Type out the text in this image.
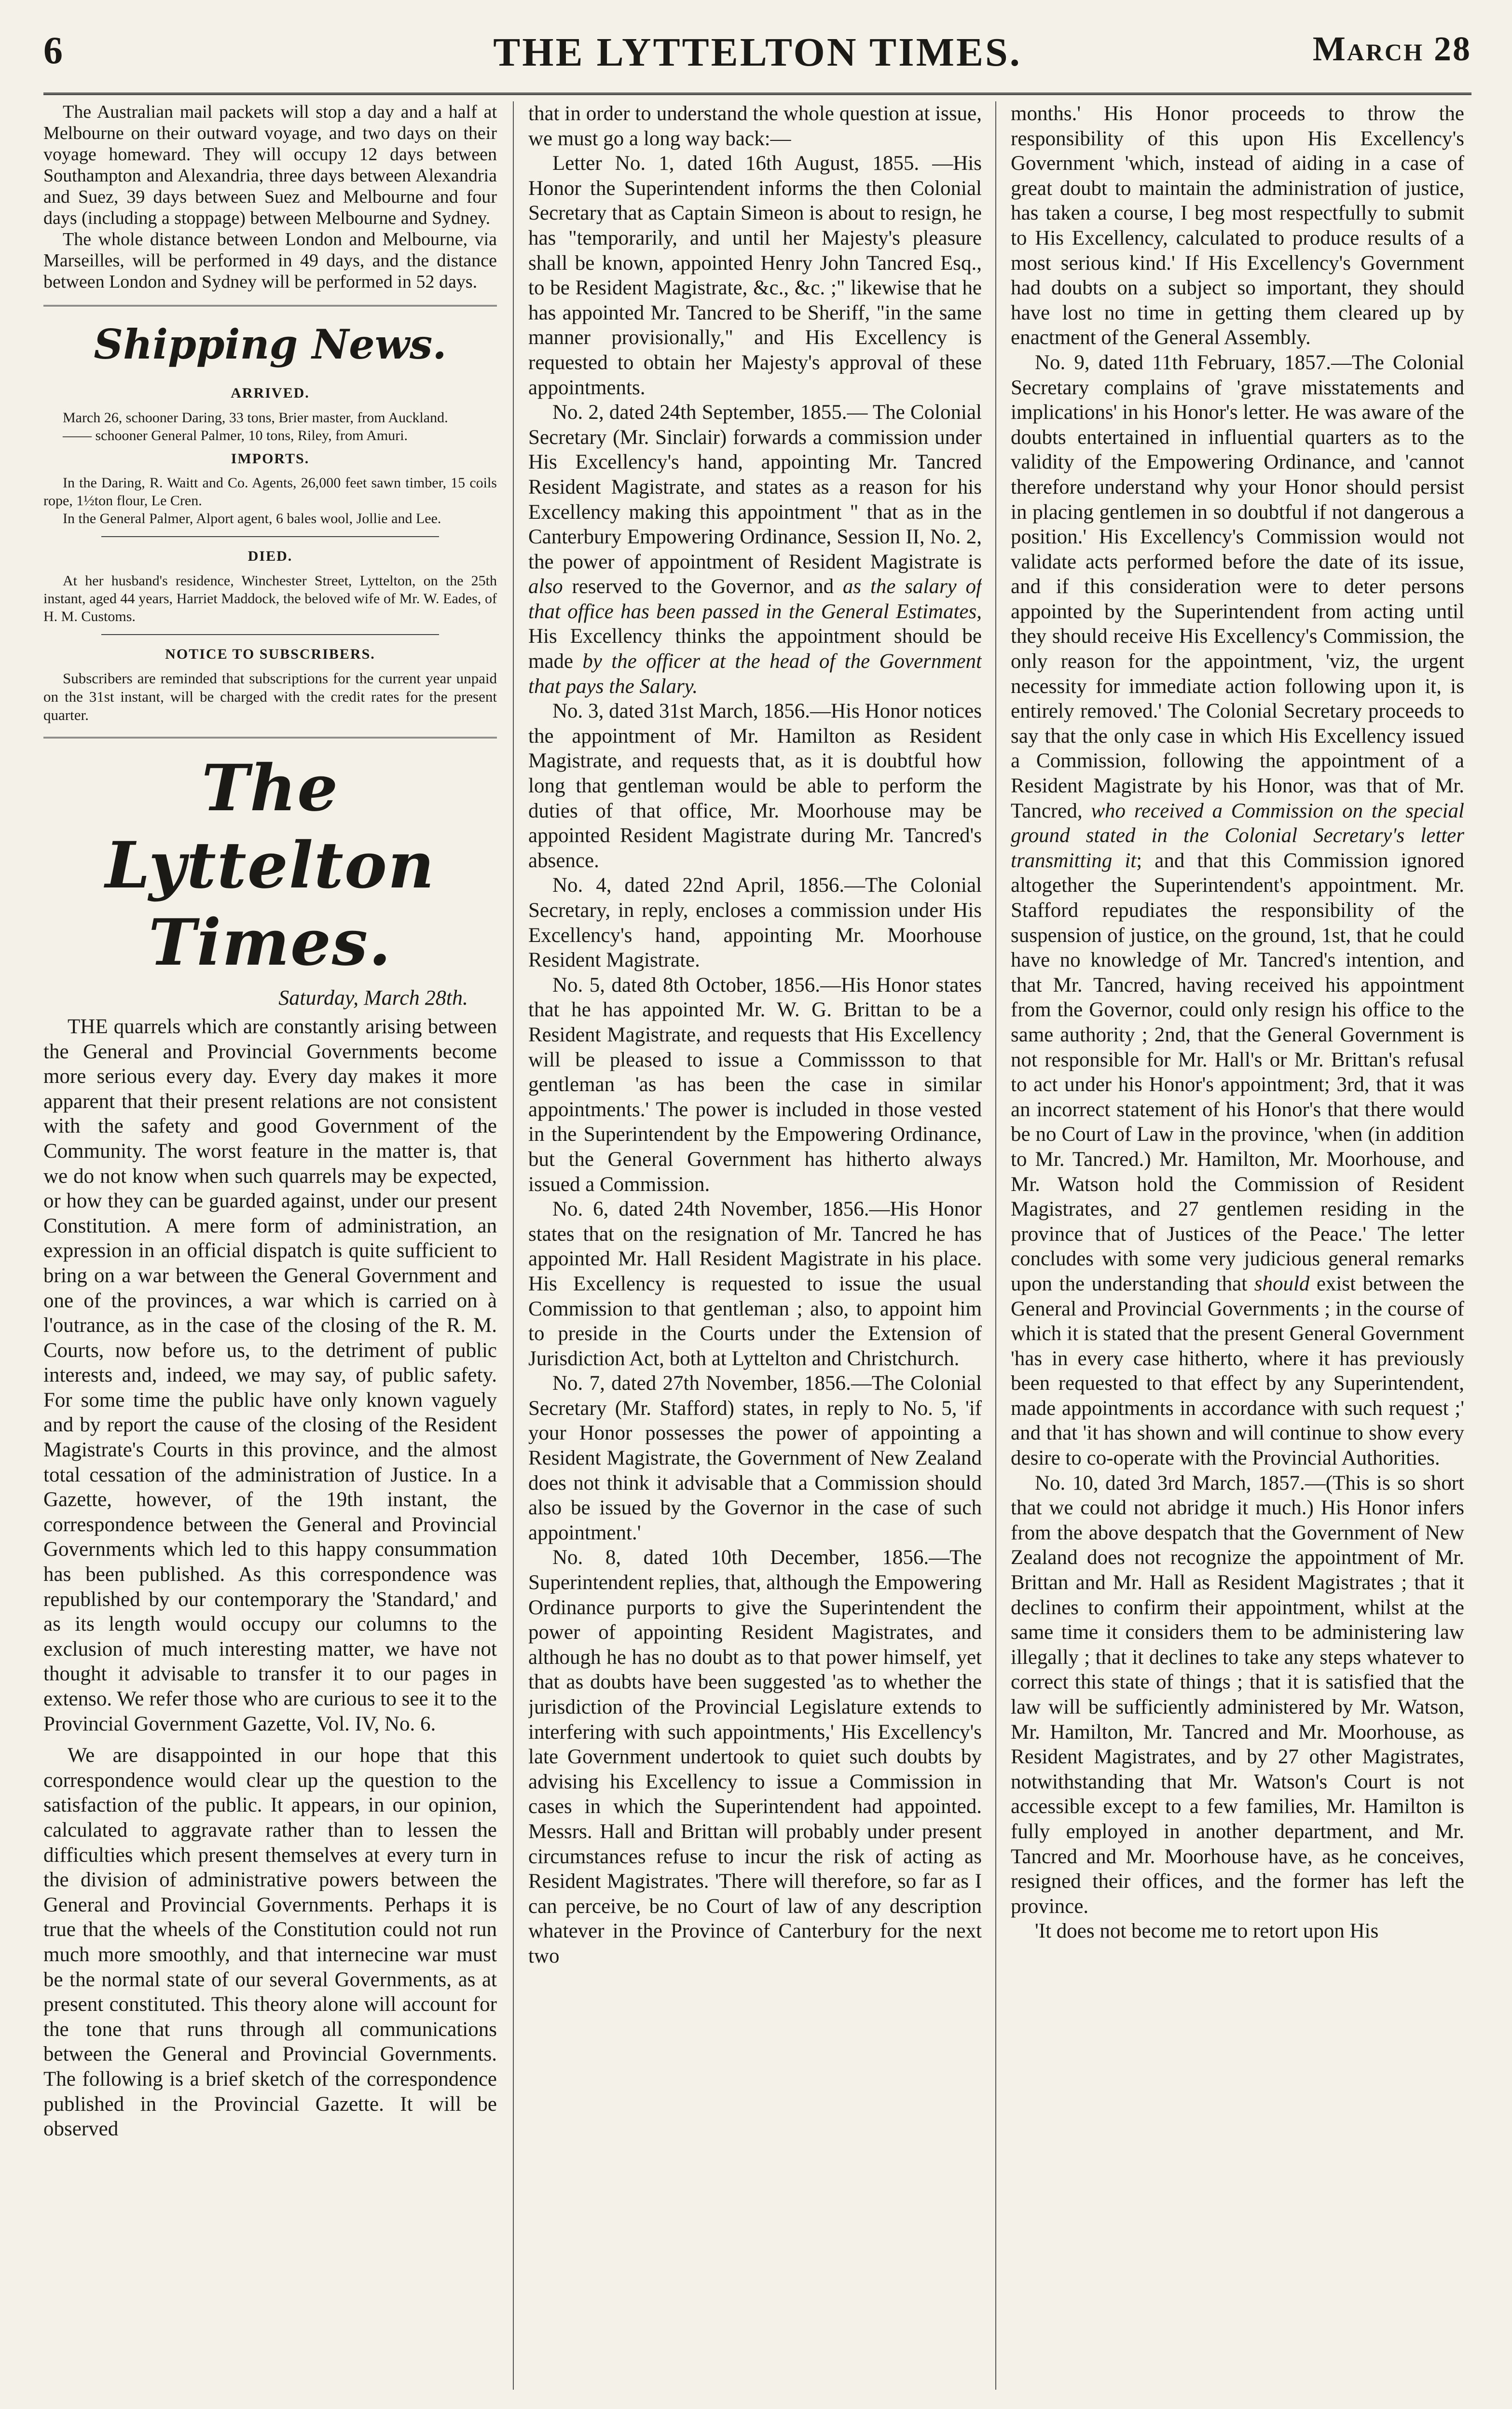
6	THE LYTTELTON TIMES.	March 28

The Australian mail packets will stop a day and a half at Melbourne on their outward voyage, and two days on their voyage homeward. They will occupy 12 days between Southampton and Alexandria, three days between Alexandria and Suez, 39 days between Suez and Melbourne and four days (including a stoppage) between Melbourne and Sydney.

The whole distance between London and Melbourne, via Marseilles, will be performed in 49 days, and the distance between London and Sydney will be performed in 52 days.

Shipping News.
ARRIVED.

March 26, schooner Daring, 33 tons, Brier master, from Auckland.

—— schooner General Palmer, 10 tons, Riley, from Amuri.

IMPORTS.

In the Daring, R. Waitt and Co. Agents, 26,000 feet sawn timber, 15 coils rope, 1½ton flour, Le Cren.

In the General Palmer, Alport agent, 6 bales wool, Jollie and Lee.

DIED.

At her husband's residence, Winchester Street, Lyttelton, on the 25th instant, aged 44 years, Harriet Maddock, the beloved wife of Mr. W. Eades, of H. M. Customs.

NOTICE TO SUBSCRIBERS.

Subscribers are reminded that subscriptions for the current year unpaid on the 31st instant, will be charged with the credit rates for the present quarter.

The Lyttelton Times.
Saturday, March 28th.

THE quarrels which are constantly arising between the General and Provincial Governments become more serious every day. Every day makes it more apparent that their present relations are not consistent with the safety and good Government of the Community. The worst feature in the matter is, that we do not know when such quarrels may be expected, or how they can be guarded against, under our present Constitution. A mere form of administration, an expression in an official dispatch is quite sufficient to bring on a war between the General Government and one of the provinces, a war which is carried on à l'outrance, as in the case of the closing of the R. M. Courts, now before us, to the detriment of public interests and, indeed, we may say, of public safety. For some time the public have only known vaguely and by report the cause of the closing of the Resident Magistrate's Courts in this province, and the almost total cessation of the administration of Justice. In a Gazette, however, of the 19th instant, the correspondence between the General and Provincial Governments which led to this happy consummation has been published. As this correspondence was republished by our contemporary the 'Standard,' and as its length would occupy our columns to the exclusion of much interesting matter, we have not thought it advisable to transfer it to our pages in extenso. We refer those who are curious to see it to the Provincial Government Gazette, Vol. IV, No. 6.

We are disappointed in our hope that this correspondence would clear up the question to the satisfaction of the public. It appears, in our opinion, calculated to aggravate rather than to lessen the difficulties which present themselves at every turn in the division of administrative powers between the General and Provincial Governments. Perhaps it is true that the wheels of the Constitution could not run much more smoothly, and that internecine war must be the normal state of our several Governments, as at present constituted. This theory alone will account for the tone that runs through all communications between the General and Provincial Governments. The following is a brief sketch of the correspondence published in the Provincial Gazette. It will be observed

that in order to understand the whole question at issue, we must go a long way back:—

Letter No. 1, dated 16th August, 1855. —His Honor the Superintendent informs the then Colonial Secretary that as Captain Simeon is about to resign, he has "temporarily, and until her Majesty's pleasure shall be known, appointed Henry John Tancred Esq., to be Resident Magistrate, &c., &c. ;" likewise that he has appointed Mr. Tancred to be Sheriff, "in the same manner provisionally," and His Excellency is requested to obtain her Majesty's approval of these appointments.

No. 2, dated 24th September, 1855.— The Colonial Secretary (Mr. Sinclair) forwards a commission under His Excellency's hand, appointing Mr. Tancred Resident Magistrate, and states as a reason for his Excellency making this appointment " that as in the Canterbury Empowering Ordinance, Session II, No. 2, the power of appointment of Resident Magistrate is also reserved to the Governor, and as the salary of that office has been passed in the General Estimates, His Excellency thinks the appointment should be made by the officer at the head of the Government that pays the Salary.

No. 3, dated 31st March, 1856.—His Honor notices the appointment of Mr. Hamilton as Resident Magistrate, and requests that, as it is doubtful how long that gentleman would be able to perform the duties of that office, Mr. Moorhouse may be appointed Resident Magistrate during Mr. Tancred's absence.

No. 4, dated 22nd April, 1856.—The Colonial Secretary, in reply, encloses a commission under His Excellency's hand, appointing Mr. Moorhouse Resident Magistrate.

No. 5, dated 8th October, 1856.—His Honor states that he has appointed Mr. W. G. Brittan to be a Resident Magistrate, and requests that His Excellency will be pleased to issue a Commissson to that gentleman 'as has been the case in similar appointments.' The power is included in those vested in the Superintendent by the Empowering Ordinance, but the General Government has hitherto always issued a Commission.

No. 6, dated 24th November, 1856.—His Honor states that on the resignation of Mr. Tancred he has appointed Mr. Hall Resident Magistrate in his place. His Excellency is requested to issue the usual Commission to that gentleman ; also, to appoint him to preside in the Courts under the Extension of Jurisdiction Act, both at Lyttelton and Christchurch.

No. 7, dated 27th November, 1856.—The Colonial Secretary (Mr. Stafford) states, in reply to No. 5, 'if your Honor possesses the power of appointing a Resident Magistrate, the Government of New Zealand does not think it advisable that a Commission should also be issued by the Governor in the case of such appointment.'

No. 8, dated 10th December, 1856.—The Superintendent replies, that, although the Empowering Ordinance purports to give the Superintendent the power of appointing Resident Magistrates, and although he has no doubt as to that power himself, yet that as doubts have been suggested 'as to whether the jurisdiction of the Provincial Legislature extends to interfering with such appointments,' His Excellency's late Government undertook to quiet such doubts by advising his Excellency to issue a Commission in cases in which the Superintendent had appointed. Messrs. Hall and Brittan will probably under present circumstances refuse to incur the risk of acting as Resident Magistrates. 'There will therefore, so far as I can perceive, be no Court of law of any description whatever in the Province of Canterbury for the next two

months.' His Honor proceeds to throw the responsibility of this upon His Excellency's Government 'which, instead of aiding in a case of great doubt to maintain the administration of justice, has taken a course, I beg most respectfully to submit to His Excellency, calculated to produce results of a most serious kind.' If His Excellency's Government had doubts on a subject so important, they should have lost no time in getting them cleared up by enactment of the General Assembly.

No. 9, dated 11th February, 1857.—The Colonial Secretary complains of 'grave misstatements and implications' in his Honor's letter. He was aware of the doubts entertained in influential quarters as to the validity of the Empowering Ordinance, and 'cannot therefore understand why your Honor should persist in placing gentlemen in so doubtful if not dangerous a position.' His Excellency's Commission would not validate acts performed before the date of its issue, and if this consideration were to deter persons appointed by the Superintendent from acting until they should receive His Excellency's Commission, the only reason for the appointment, 'viz, the urgent necessity for immediate action following upon it, is entirely removed.' The Colonial Secretary proceeds to say that the only case in which His Excellency issued a Commission, following the appointment of a Resident Magistrate by his Honor, was that of Mr. Tancred, who received a Commission on the special ground stated in the Colonial Secretary's letter transmitting it; and that this Commission ignored altogether the Superintendent's appointment. Mr. Stafford repudiates the responsibility of the suspension of justice, on the ground, 1st, that he could have no knowledge of Mr. Tancred's intention, and that Mr. Tancred, having received his appointment from the Governor, could only resign his office to the same authority ; 2nd, that the General Government is not responsible for Mr. Hall's or Mr. Brittan's refusal to act under his Honor's appointment; 3rd, that it was an incorrect statement of his Honor's that there would be no Court of Law in the province, 'when (in addition to Mr. Tancred.) Mr. Hamilton, Mr. Moorhouse, and Mr. Watson hold the Commission of Resident Magistrates, and 27 gentlemen residing in the province that of Justices of the Peace.' The letter concludes with some very judicious general remarks upon the understanding that should exist between the General and Provincial Governments ; in the course of which it is stated that the present General Government 'has in every case hitherto, where it has previously been requested to that effect by any Superintendent, made appointments in accordance with such request ;' and that 'it has shown and will continue to show every desire to co-operate with the Provincial Authorities.

No. 10, dated 3rd March, 1857.—(This is so short that we could not abridge it much.) His Honor infers from the above despatch that the Government of New Zealand does not recognize the appointment of Mr. Brittan and Mr. Hall as Resident Magistrates ; that it declines to confirm their appointment, whilst at the same time it considers them to be administering law illegally ; that it declines to take any steps whatever to correct this state of things ; that it is satisfied that the law will be sufficiently administered by Mr. Watson, Mr. Hamilton, Mr. Tancred and Mr. Moorhouse, as Resident Magistrates, and by 27 other Magistrates, notwithstanding that Mr. Watson's Court is not accessible except to a few families, Mr. Hamilton is fully employed in another department, and Mr. Tancred and Mr. Moorhouse have, as he conceives, resigned their offices, and the former has left the province.

'It does not become me to retort upon His
